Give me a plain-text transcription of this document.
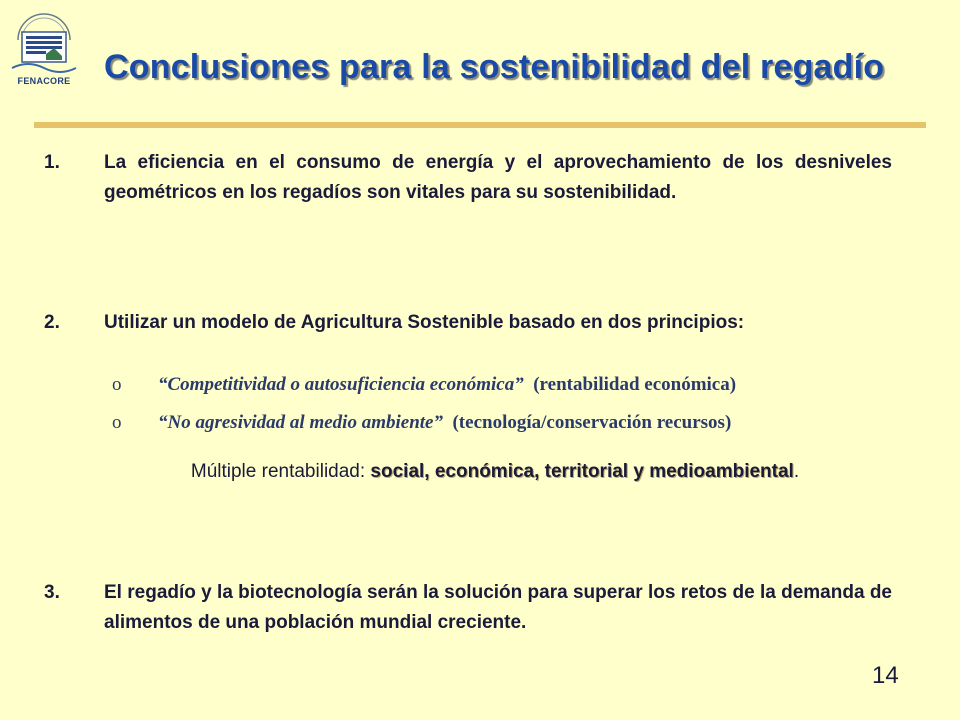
FENACORE Conclusiones para la sostenibilidad del regadío
1. La eficiencia en el consumo de energía y el aprovechamiento de los desniveles geométricos en los regadíos son vitales para su sostenibilidad.
2. Utilizar un modelo de Agricultura Sostenible basado en dos principios:
o “Competitividad o autosuficiencia económica” (rentabilidad económica)
o “No agresividad al medio ambiente” (tecnología/conservación recursos)
Múltiple rentabilidad: social, económica, territorial y medioambiental.
3. El regadío y la biotecnología serán la solución para superar los retos de la demanda de alimentos de una población mundial creciente.
14
